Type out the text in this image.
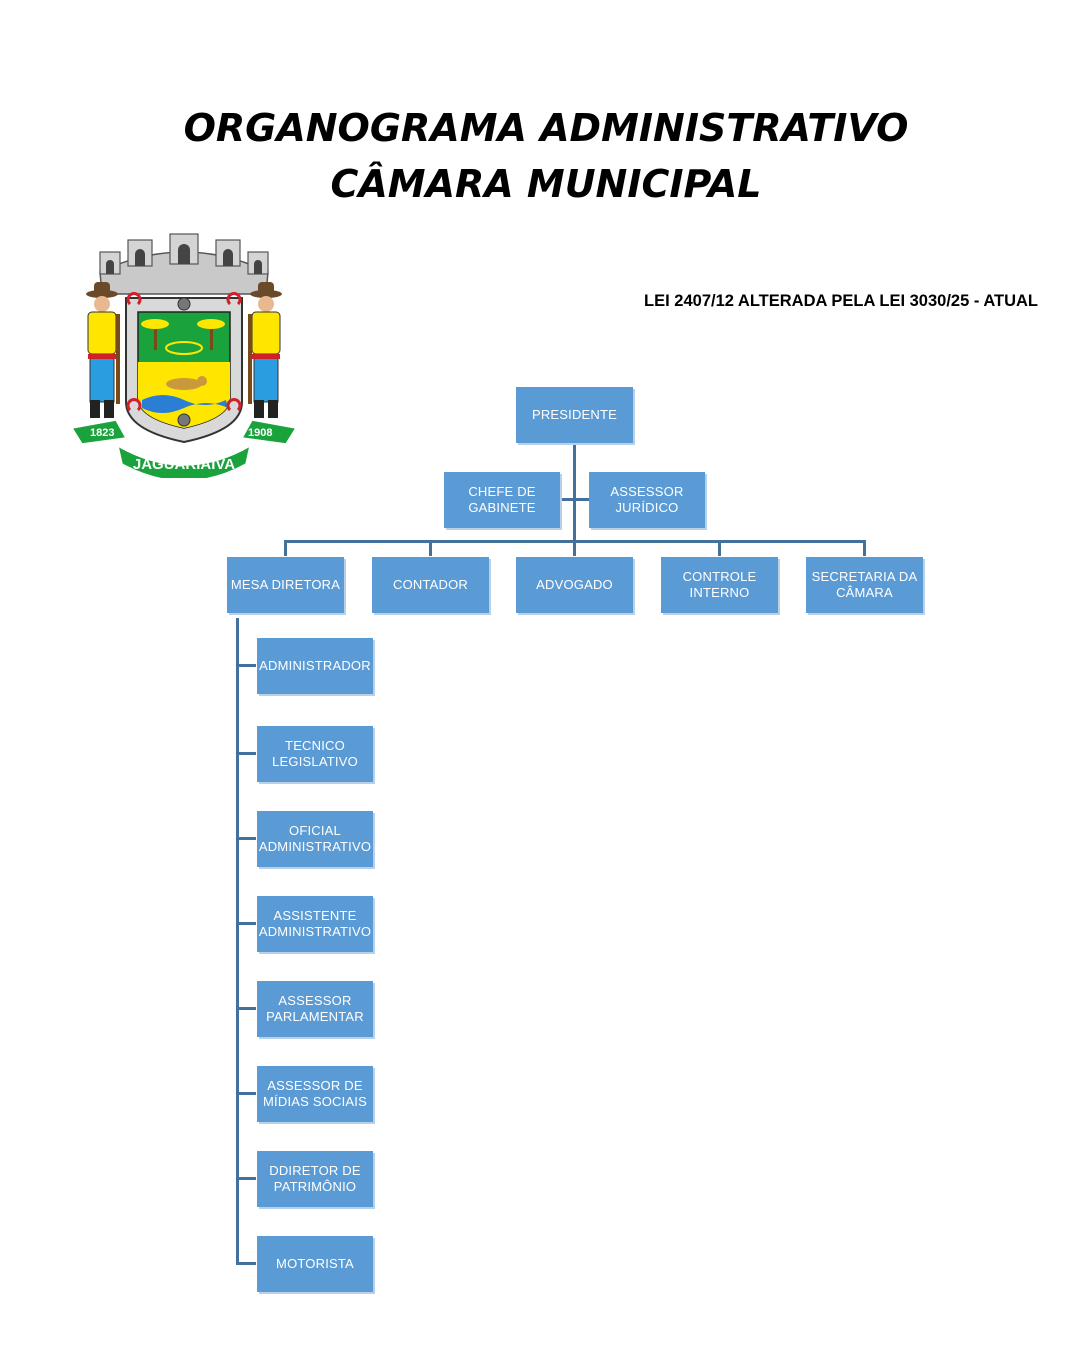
ORGANOGRAMA ADMINISTRATIVO
CÂMARA MUNICIPAL
LEI 2407/12 ALTERADA PELA LEI 3030/25 - ATUAL
1823	1908
JAGUARIAÍVA
PRESIDENTE
CHEFE DE
GABINETE
ASSESSOR
JURÍDICO
MESA DIRETORA	CONTADOR	ADVOGADO
CONTROLE
INTERNO
SECRETARIA DA
CÂMARA
ADMINISTRADOR
TECNICO
LEGISLATIVO
OFICIAL
ADMINISTRATIVO
ASSISTENTE
ADMINISTRATIVO
ASSESSOR
PARLAMENTAR
ASSESSOR DE
MÍDIAS SOCIAIS
DDIRETOR DE
PATRIMÔNIO
MOTORISTA
